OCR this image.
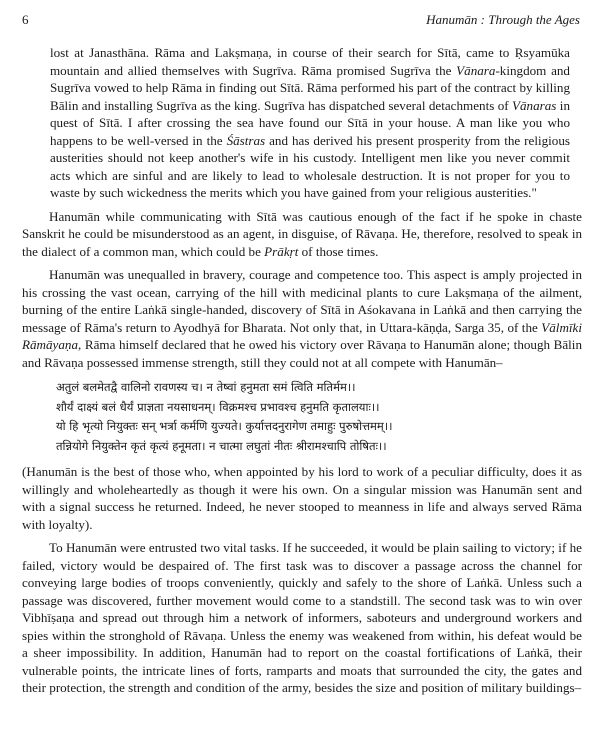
6	Hanumān : Through the Ages

lost at Janasthāna. Rāma and Lakṣmaṇa, in course of their search for Sītā, came to Ṛsyamūka mountain and allied themselves with Sugrīva. Rāma promised Sugrīva the Vānara-kingdom and Sugrīva vowed to help Rāma in finding out Sītā. Rāma performed his part of the contract by killing Bālin and installing Sugrīva as the king. Sugrīva has dispatched several detachments of Vānaras in quest of Sītā. I after crossing the sea have found our Sītā in your house. A man like you who happens to be well-versed in the Śāstras and has derived his present prosperity from the religious austerities should not keep another's wife in his custody. Intelligent men like you never commit acts which are sinful and are likely to lead to wholesale destruction. It is not proper for you to waste by such wickedness the merits which you have gained from your religious austerities."

Hanumān while communicating with Sītā was cautious enough of the fact if he spoke in chaste Sanskrit he could be misunderstood as an agent, in disguise, of Rāvaṇa. He, therefore, resolved to speak in the dialect of a common man, which could be Prākṛt of those times.

Hanumān was unequalled in bravery, courage and competence too. This aspect is amply projected in his crossing the vast ocean, carrying of the hill with medicinal plants to cure Lakṣmaṇa of the ailment, burning of the entire Laṅkā single-handed, discovery of Sītā in Aśokavana in Laṅkā and then carrying the message of Rāma's return to Ayodhyā for Bharata. Not only that, in Uttara-kāṇḍa, Sarga 35, of the Vālmīki Rāmāyaṇa, Rāma himself declared that he owed his victory over Rāvaṇa to Hanumān alone; though Bālin and Rāvaṇa possessed immense strength, still they could not at all compete with Hanumān–

अतुलं बलमेतद्वै वालिनो रावणस्य च। न तेष्वां हनुमता समं त्विति मतिर्मम।।
शौर्यं दाक्ष्यं बलं धैर्यं प्राज्ञता नयसाधनम्। विक्रमश्च प्रभावश्च हनुमति कृतालयाः।।
यो हि भृत्यो नियुक्तः सन् भर्त्रा कर्मणि युज्यते। कुर्यात्तदनुरागेण तमाहुः पुरुषोत्तमम्।।
तन्नियोगे नियुक्तेन कृतं कृत्यं हनूमता। न चात्मा लघुतां नीतः श्रीरामश्चापि तोषितः।।

(Hanumān is the best of those who, when appointed by his lord to work of a peculiar difficulty, does it as willingly and wholeheartedly as though it were his own. On a singular mission was Hanumān sent and with a signal success he returned. Indeed, he never stooped to meanness in life and always served Rāma with loyalty).

To Hanumān were entrusted two vital tasks. If he succeeded, it would be plain sailing to victory; if he failed, victory would be despaired of. The first task was to discover a passage across the channel for conveying large bodies of troops conveniently, quickly and safely to the shore of Laṅkā. Unless such a passage was discovered, further movement would come to a standstill. The second task was to win over Vibhīṣaṇa and spread out through him a network of informers, saboteurs and underground workers and spies within the stronghold of Rāvaṇa. Unless the enemy was weakened from within, his defeat would be a sheer impossibility. In addition, Hanumān had to report on the coastal fortifications of Laṅkā, their vulnerable points, the intricate lines of forts, ramparts and moats that surrounded the city, the gates and their protection, the strength and condition of the army, besides the size and position of military buildings–
